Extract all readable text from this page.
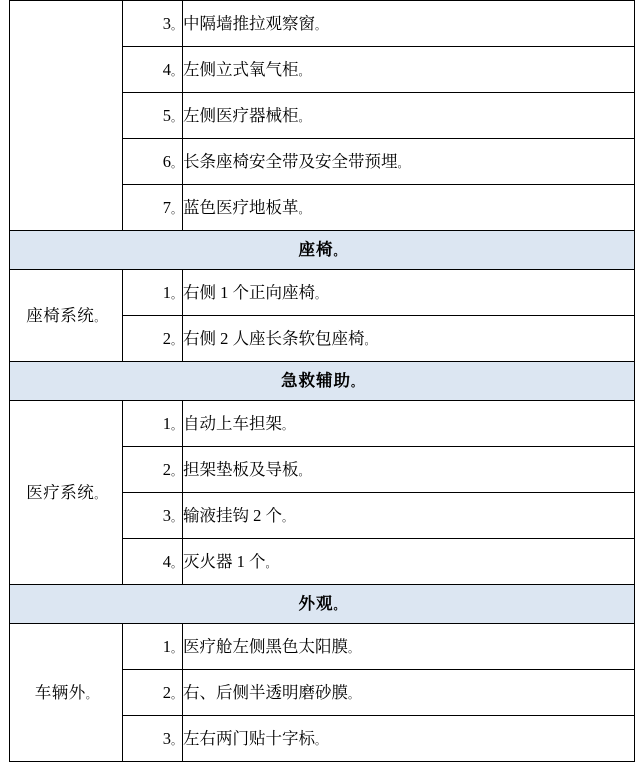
	3。	中隔墙推拉观察窗。
	4。	左侧立式氧气柜。
	5。	左侧医疗器械柜。
	6。	长条座椅安全带及安全带预埋。
	7。	蓝色医疗地板革。
座椅。		
座椅系统。	1。	右侧 1 个正向座椅。
	2。	右侧 2 人座长条软包座椅。
急救辅助。		
医疗系统。	1。	自动上车担架。
	2。	担架垫板及导板。
	3。	输液挂钩 2 个。
	4。	灭火器 1 个。
外观。		
车辆外。	1。	医疗舱左侧黑色太阳膜。
	2。	右、后侧半透明磨砂膜。
	3。	左右两门贴十字标。
